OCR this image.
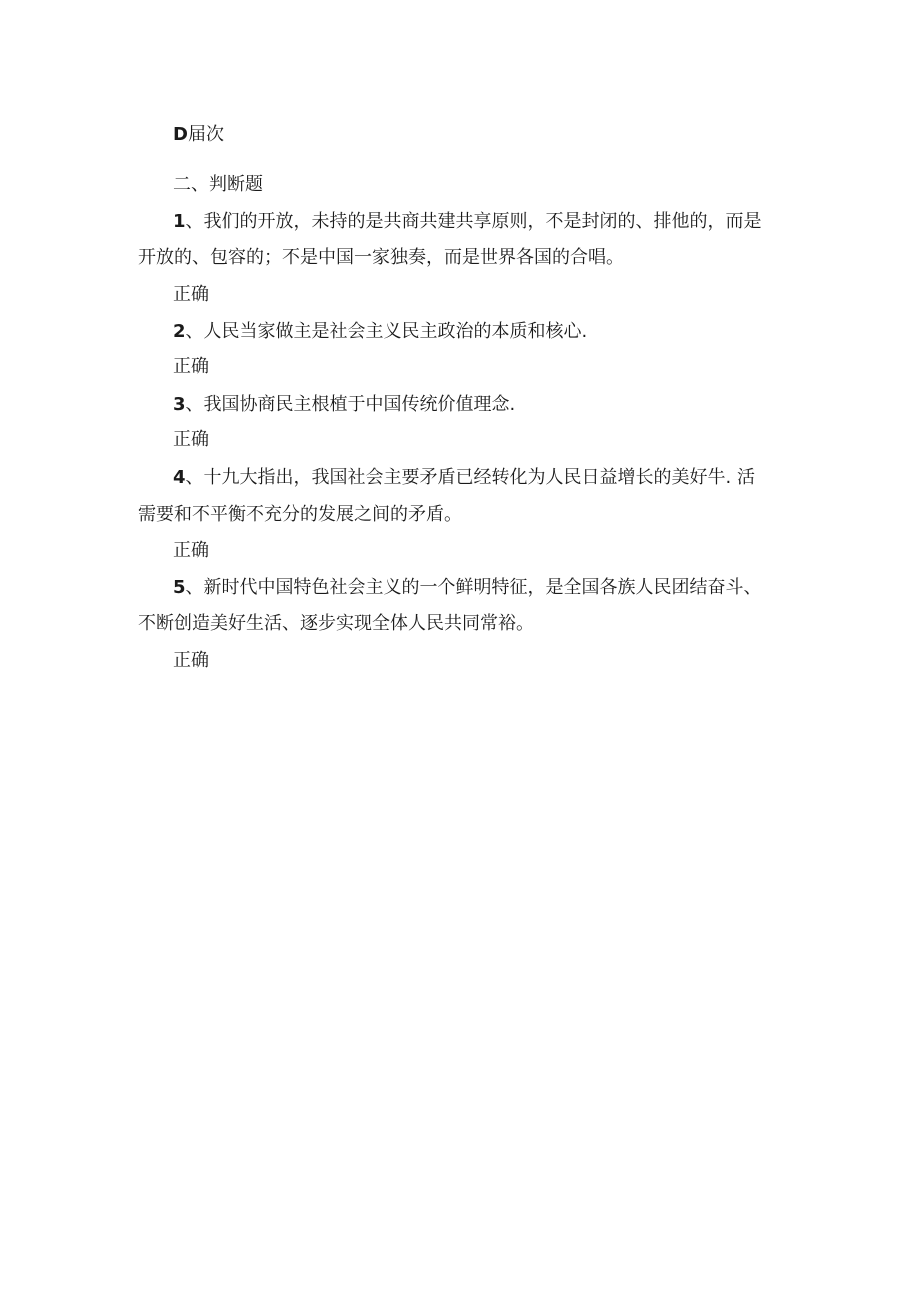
D届次
二、判断题
1、我们的开放，未持的是共商共建共享原则，不是封闭的、排他的，而是
开放的、包容的；不是中国一家独奏，而是世界各国的合唱。
正确
2、人民当家做主是社会主义民主政治的本质和核心.
正确
3、我国协商民主根植于中国传统价值理念.
正确
4、十九大指出，我国社会主要矛盾已经转化为人民日益增长的美好牛. 活
需要和不平衡不充分的发展之间的矛盾。
正确
5、新时代中国特色社会主义的一个鲜明特征，是全国各族人民团结奋斗、
不断创造美好生活、逐步实现全体人民共同常裕。
正确
